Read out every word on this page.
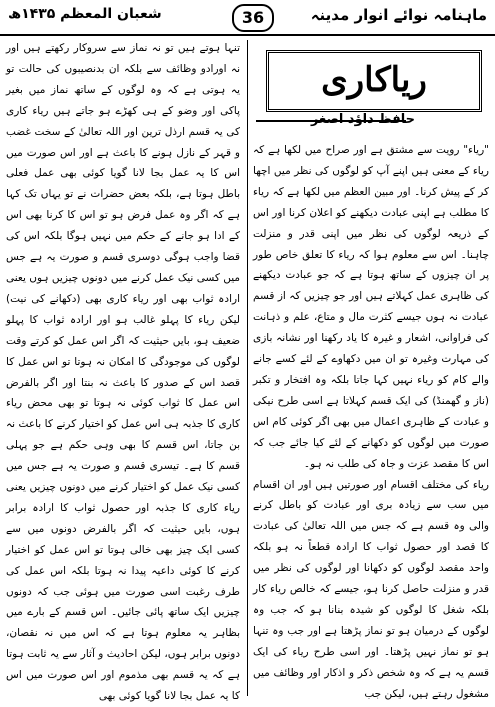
ماہنامہ نوائے انوار مدینہ
36
شعبان المعظم ۱۴۳۵ھ
ریاکاری
حافظ داؤد اصغر

"ریاء" رویت سے مشتق ہے اور صراح میں لکھا ہے کہ ریاء کے معنی ہیں اپنے آپ کو لوگوں کی نظر میں اچھا کر کے پیش کرنا۔ اور مبین العظم میں لکھا ہے کہ ریاء کا مطلب ہے اپنی عبادت دیکھنے کو اعلان کرنا اور اس کے ذریعہ لوگوں کی نظر میں اپنی قدر و منزلت چاہنا۔ اس سے معلوم ہوا کہ ریاء کا تعلق خاص طور پر ان چیزوں کے ساتھ ہوتا ہے کہ جو عبادت دیکھنے کی ظاہری عمل کہلاتے ہیں اور جو چیزیں کہ از قسم عبادت نہ ہوں جیسے کثرت مال و متاع، علم و ذہانت کی فراوانی، اشعار و غیرہ کا یاد رکھنا اور نشانہ بازی کی مہارت وغیرہ تو ان میں دکھاوے کے لئے کسے جانے والے کام کو ریاء نہیں کہا جاتا بلکہ وہ افتخار و تکبر (ناز و گھمنڈ) کی ایک قسم کہلاتا ہے اسی طرح نیکی و عبادت کے ظاہری اعمال میں بھی اگر کوئی کام اس صورت میں لوگوں کو دکھانے کے لئے کیا جائے جب کہ اس کا مقصد عزت و جاہ کی طلب نہ ہو۔

ریاء کی مختلف اقسام اور صورتیں ہیں اور ان اقسام میں سب سے زیادہ بری اور عبادت کو باطل کرنے والی وہ قسم ہے کہ جس میں اللہ تعالیٰ کی عبادت کا قصد اور حصول ثواب کا ارادہ قطعاً نہ ہو بلکہ واحد مقصد لوگوں کو دکھانا اور لوگوں کی نظر میں قدر و منزلت حاصل کرنا ہو، جیسے کہ خالص ریاء کار بلکہ شغل کا لوگوں کو شیدہ بنانا ہو کہ جب وہ لوگوں کے درمیان ہو تو نماز پڑھتا ہے اور جب وہ تنہا ہو تو نماز نہیں پڑھتا۔ اور اسی طرح ریاء کی ایک قسم یہ ہے کہ وہ شخص ذکر و اذکار اور وظائف میں مشغول رہتے ہیں، لیکن جب

تنہا ہوتے ہیں تو نہ نماز سے سروکار رکھتے ہیں اور نہ اورادو وظائف سے بلکہ ان بدنصیبوں کی حالت تو یہ ہوتی ہے کہ وہ لوگوں کے ساتھ نماز میں بغیر پاکی اور وضو کے ہی کھڑے ہو جاتے ہیں ریاء کاری کی یہ قسم ارذل ترین اور اللہ تعالیٰ کے سخت غضب و قہر کے نازل ہونے کا باعث ہے اور اس صورت میں اس کا یہ عمل بجا لانا گویا کوئی بھی عمل فعلی باطل ہوتا ہے، بلکہ بعض حضرات نے تو یہاں تک کہا ہے کہ اگر وہ عمل فرض ہو تو اس کا کرنا بھی اس کے ادا ہو جانے کے حکم میں نہیں ہوگا بلکہ اس کی قضا واجب ہوگی دوسری قسم و صورت یہ ہے جس میں کسی نیک عمل کرنے میں دونوں چیزیں ہوں یعنی ارادہ ثواب بھی اور ریاء کاری بھی (دکھانے کی نیت) لیکن ریاء کا پہلو غالب ہو اور ارادہ ثواب کا پہلو ضعیف ہو، بایں حیثیت کہ اگر اس عمل کو کرتے وقت لوگوں کی موجودگی کا امکان نہ ہوتا تو اس عمل کا قصد اس کے صدور کا باعث نہ بنتا اور اگر بالفرض اس عمل کا ثواب کوئی نہ ہوتا تو بھی محض ریاء کاری کا جذبہ ہی اس عمل کو اختیار کرنے کا باعث نہ بن جاتا، اس قسم کا بھی وہی حکم ہے جو پہلی قسم کا ہے۔ تیسری قسم و صورت یہ ہے جس میں کسی نیک عمل کو اختیار کرنے میں دونوں چیزیں یعنی ریاء کاری کا جذبہ اور حصول ثواب کا ارادہ برابر ہوں، بایں حیثیت کہ اگر بالفرض دونوں میں سے کسی ایک چیز بھی خالی ہوتا تو اس عمل کو اختیار کرنے کا کوئی داعیہ پیدا نہ ہوتا بلکہ اس عمل کی طرف رغبت اسی صورت میں ہوئی جب کہ دونوں چیزیں ایک ساتھ پائی جائیں۔ اس قسم کے بارے میں بظاہر یہ معلوم ہوتا ہے کہ اس میں نہ نقصان، دونوں برابر ہوں، لیکن احادیث و آثار سے یہ ثابت ہوتا ہے کہ یہ قسم بھی مذموم اور اس صورت میں اس کا یہ عمل بجا لانا گویا کوئی بھی
